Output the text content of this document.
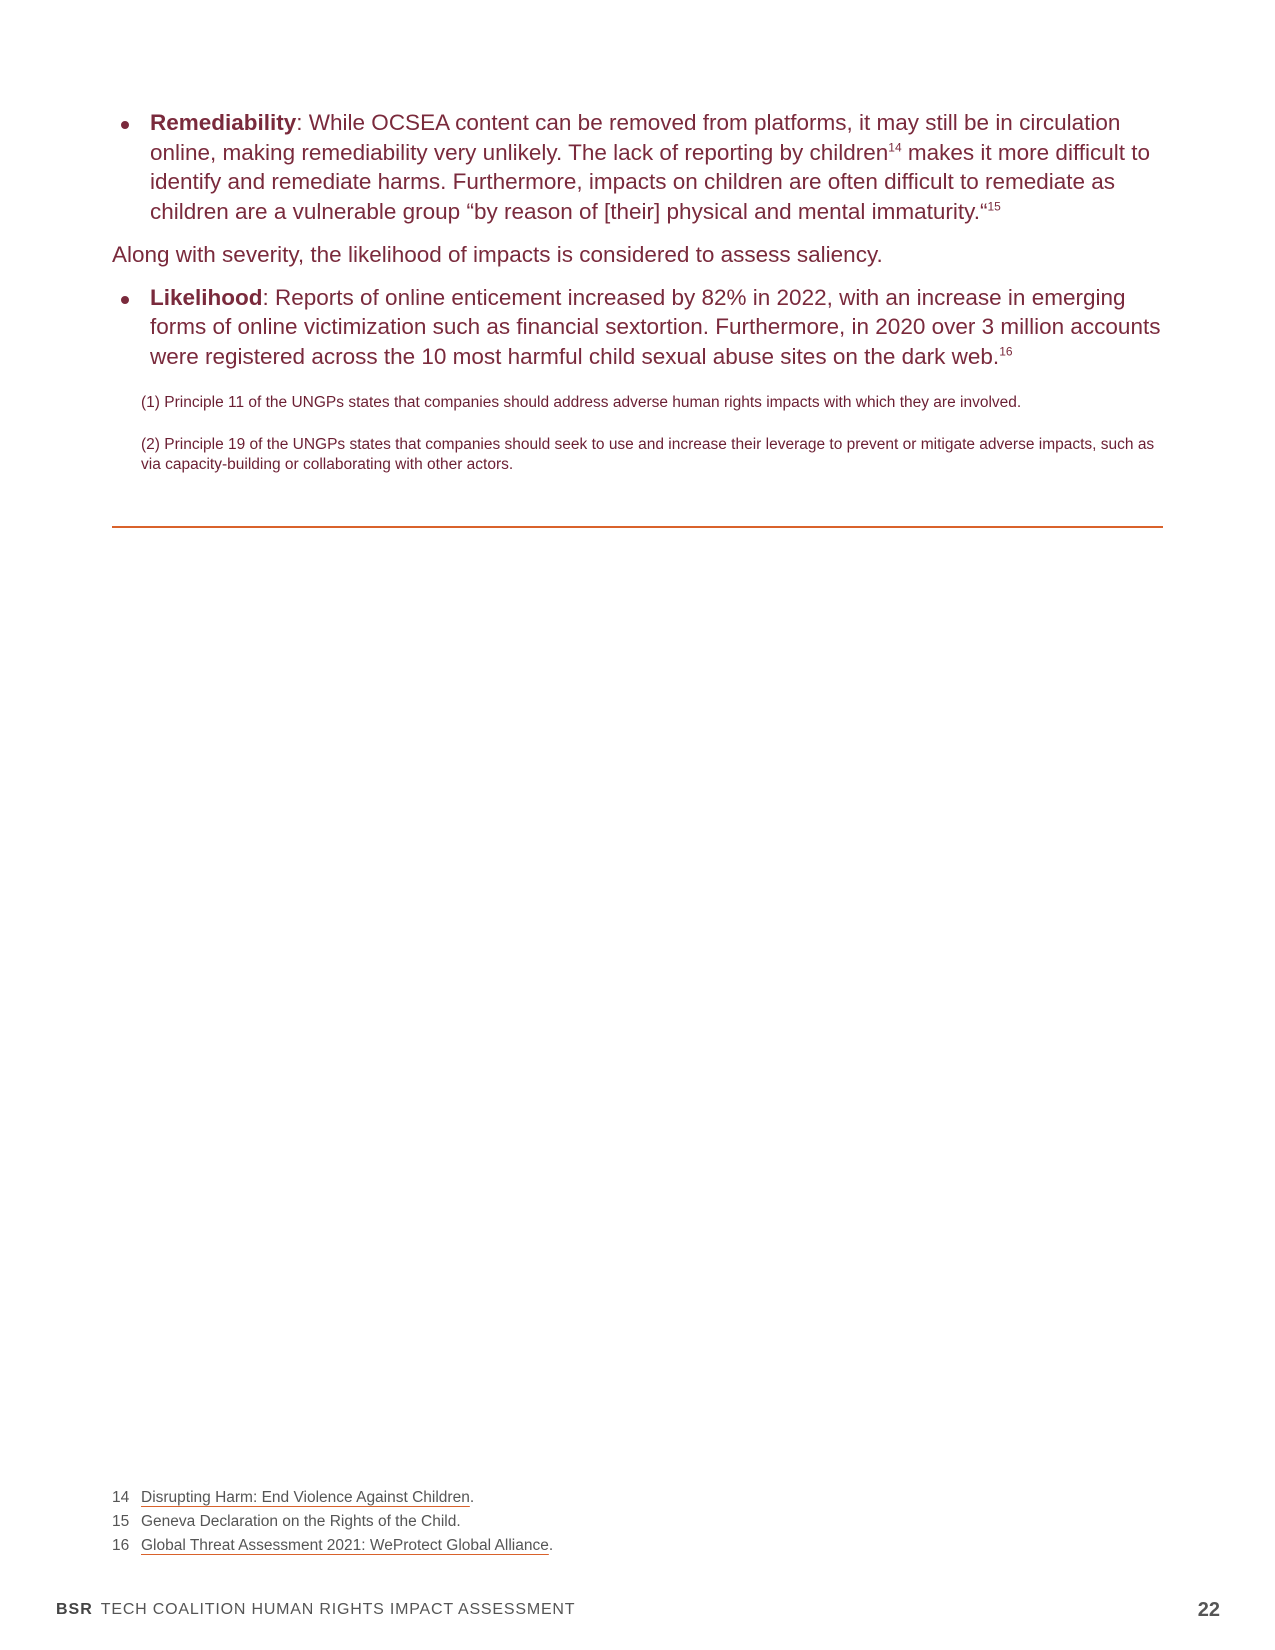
Remediability: While OCSEA content can be removed from platforms, it may still be in circulation online, making remediability very unlikely. The lack of reporting by children$^{14}$ makes it more difficult to identify and remediate harms. Furthermore, impacts on children are often difficult to remediate as children are a vulnerable group “by reason of [their] physical and mental immaturity.“$^{15}$

Along with severity, the likelihood of impacts is considered to assess saliency.

Likelihood: Reports of online enticement increased by 82% in 2022, with an increase in emerging forms of online victimization such as financial sextortion. Furthermore, in 2020 over 3 million accounts were registered across the 10 most harmful child sexual abuse sites on the dark web.$^{16}$

(1) Principle 11 of the UNGPs states that companies should address adverse human rights impacts with which they are involved.

(2) Principle 19 of the UNGPs states that companies should seek to use and increase their leverage to prevent or mitigate adverse impacts, such as via capacity-building or collaborating with other actors.

14 Disrupting Harm: End Violence Against Children.
15 Geneva Declaration on the Rights of the Child.
16 Global Threat Assessment 2021: WeProtect Global Alliance.
BSR TECH COALITION HUMAN RIGHTS IMPACT ASSESSMENT	22
